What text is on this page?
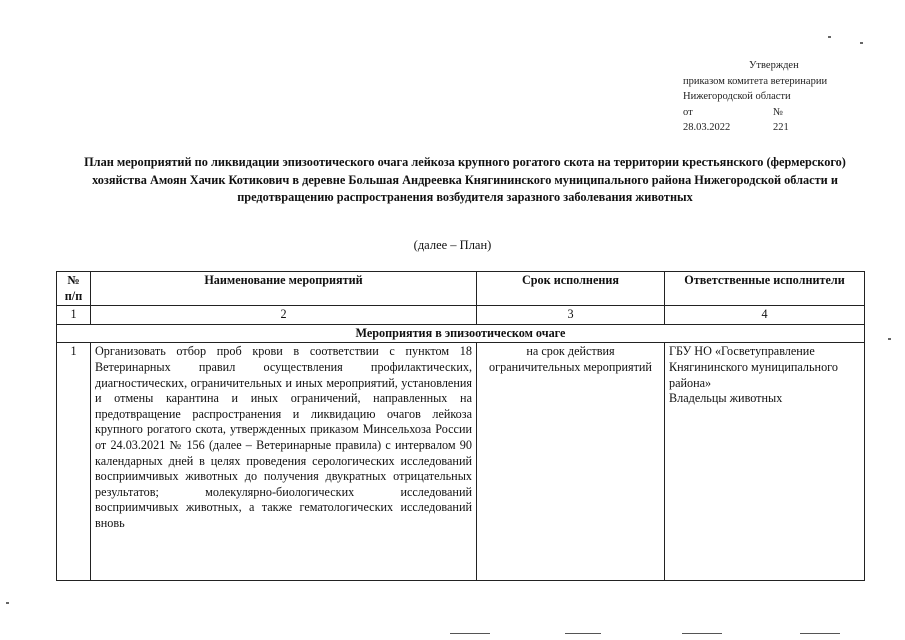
Утвержден
приказом комитета ветеринарии
Нижегородской области
от	№
28.03.2022	221
План мероприятий по ликвидации эпизоотического очага лейкоза крупного рогатого скота на территории крестьянского (фермерского) хозяйства Амоян Хачик Котикович в деревне Большая Андреевка Княгининского муниципального района Нижегородской области и предотвращению распространения возбудителя заразного заболевания животных
(далее – План)
№ п/п	Наименование мероприятий	Срок исполнения	Ответственные исполнители
1	2	3	4
Мероприятия в эпизоотическом очаге			
1	Организовать отбор проб крови в соответствии с пунктом 18 Ветеринарных правил осуществления профилактических, диагностических, ограничительных и иных мероприятий, установления и отмены карантина и иных ограничений, направленных на предотвращение распространения и ликвидацию очагов лейкоза крупного рогатого скота, утвержденных приказом Минсельхоза России от 24.03.2021 № 156 (далее – Ветеринарные правила) с интервалом 90 календарных дней в целях проведения серологических исследований восприимчивых животных до получения двукратных отрицательных результатов; молекулярно-биологических исследований восприимчивых животных, а также гематологических исследований вновь	на срок действия ограничительных мероприятий	ГБУ НО «Госветуправление Княгининского муниципального района»
Владельцы животных
